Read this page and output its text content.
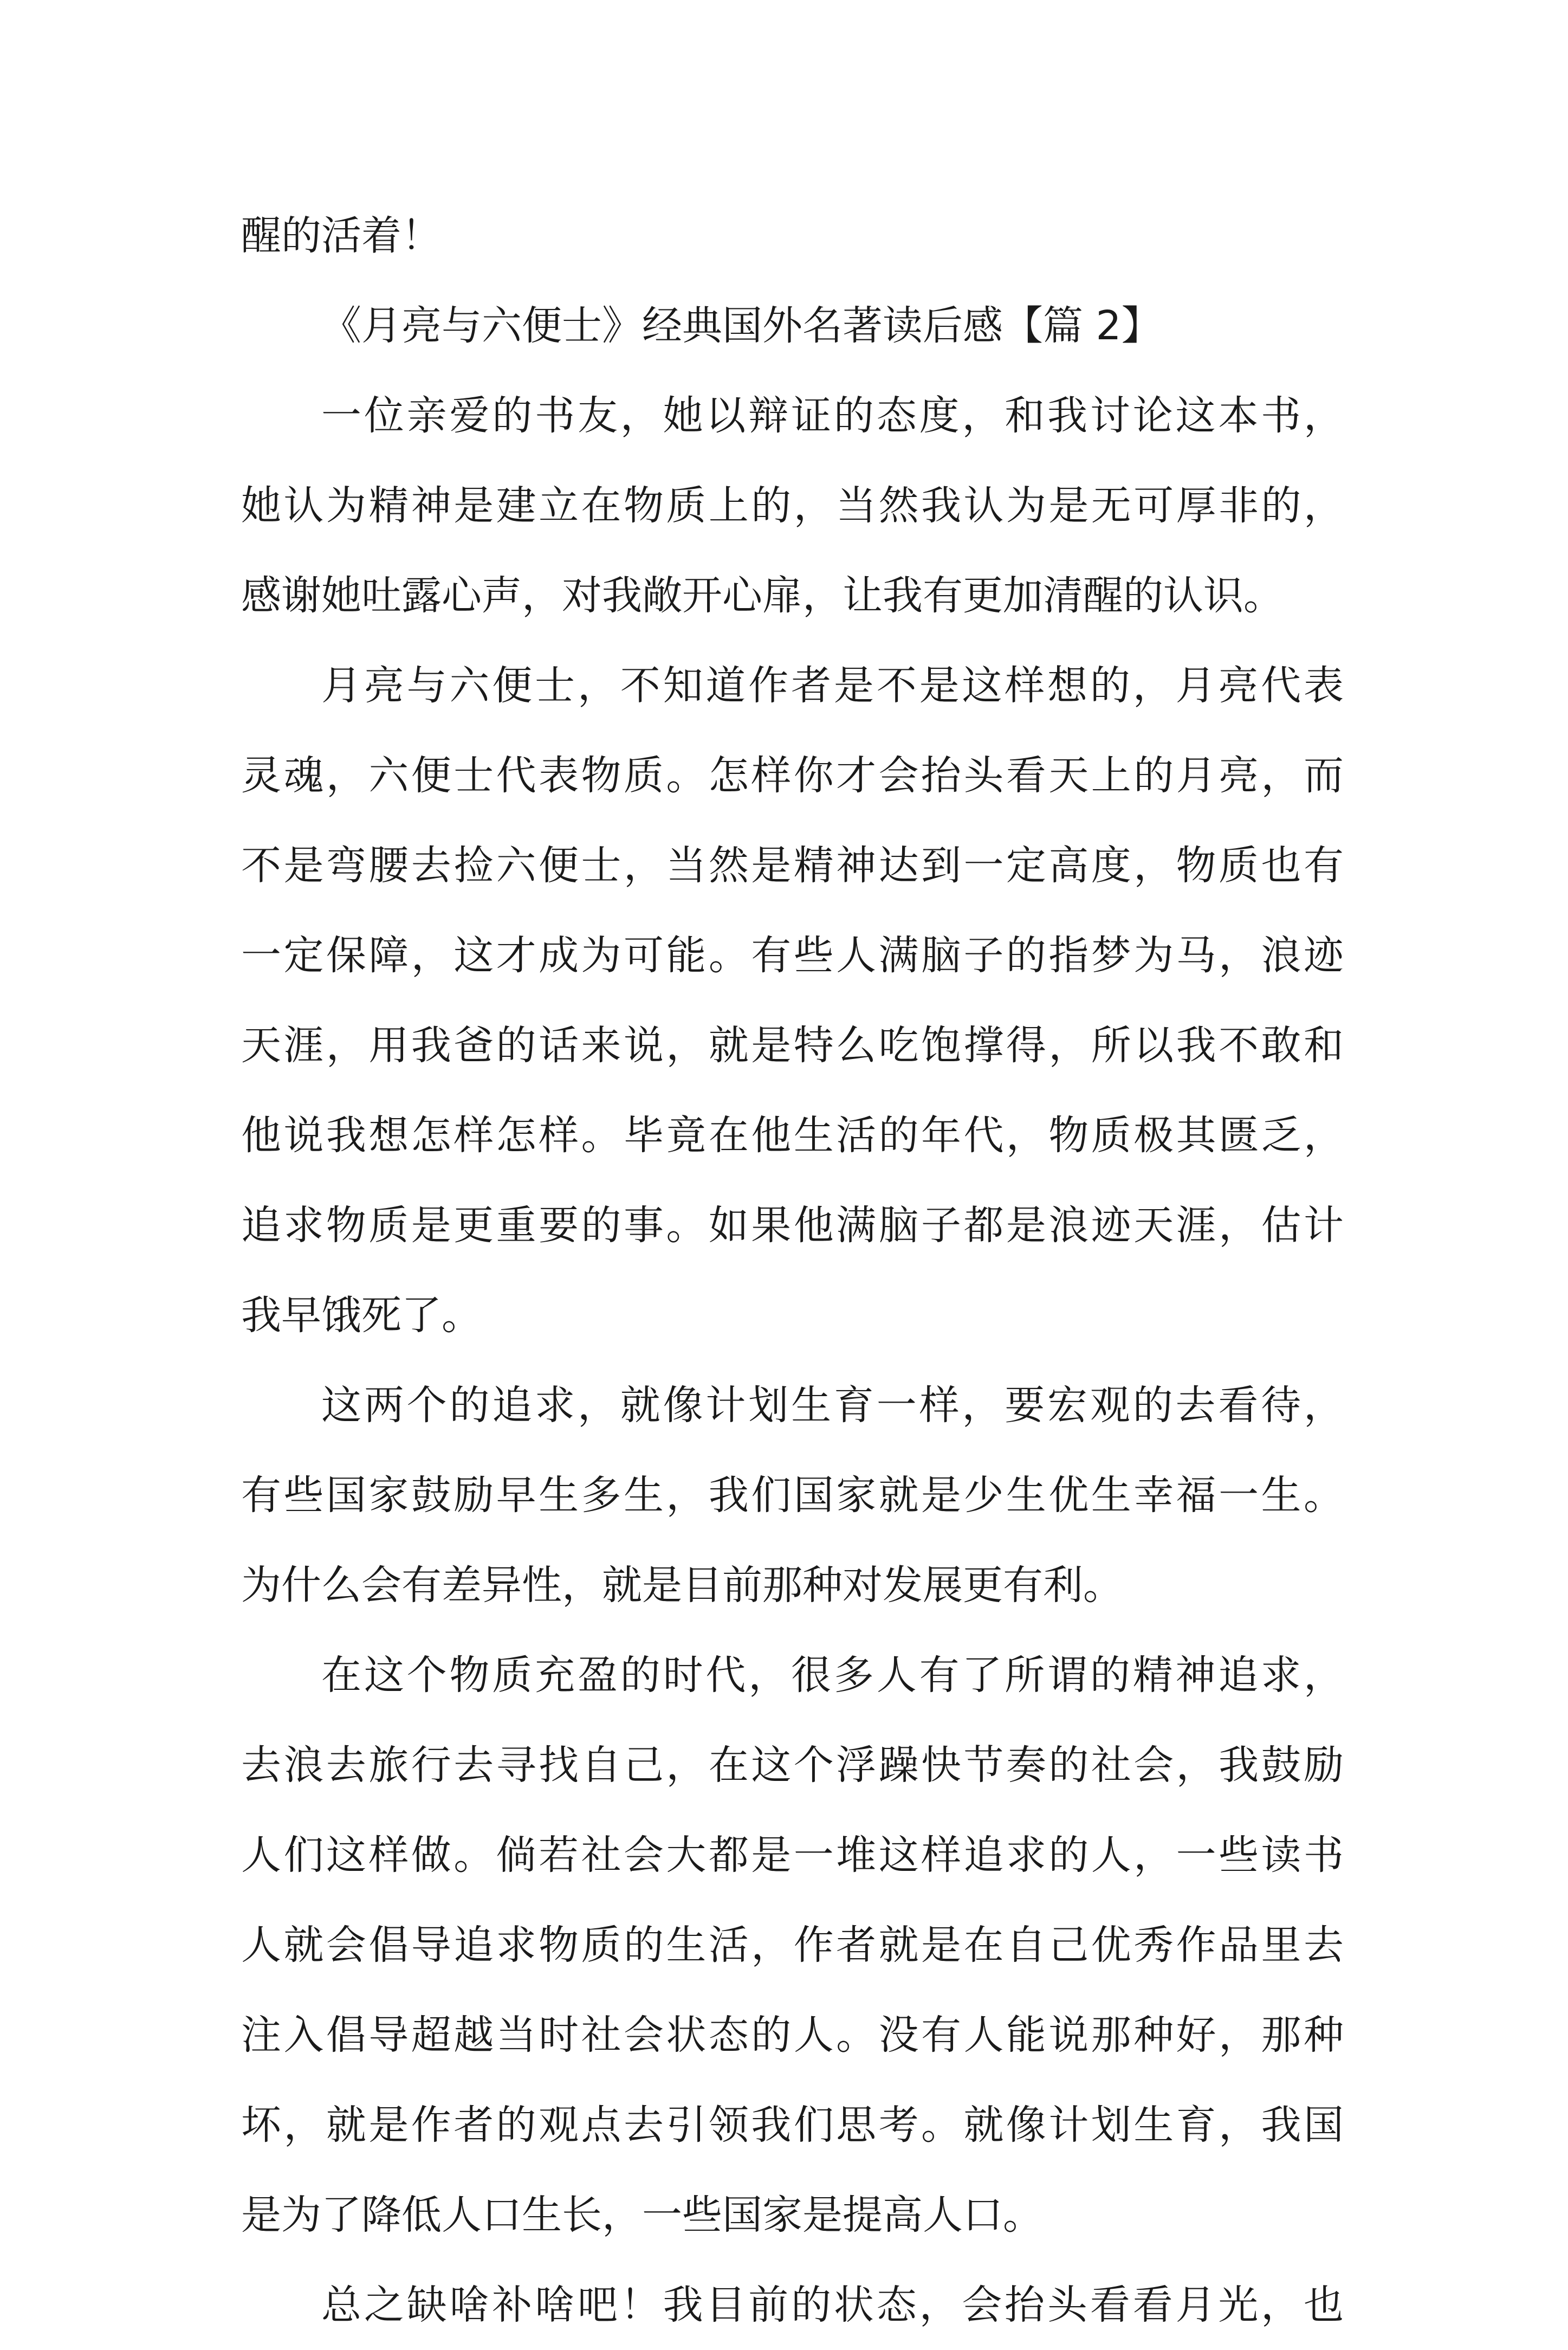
醒的活着！
《月亮与六便士》经典国外名著读后感【篇 2】
一位亲爱的书友，她以辩证的态度，和我讨论这本书，
她认为精神是建立在物质上的，当然我认为是无可厚非的，
感谢她吐露心声，对我敞开心扉，让我有更加清醒的认识。
月亮与六便士，不知道作者是不是这样想的，月亮代表
灵魂，六便士代表物质。怎样你才会抬头看天上的月亮，而
不是弯腰去捡六便士，当然是精神达到一定高度，物质也有
一定保障，这才成为可能。有些人满脑子的指梦为马，浪迹
天涯，用我爸的话来说，就是特么吃饱撑得，所以我不敢和
他说我想怎样怎样。毕竟在他生活的年代，物质极其匮乏，
追求物质是更重要的事。如果他满脑子都是浪迹天涯，估计
我早饿死了。
这两个的追求，就像计划生育一样，要宏观的去看待，
有些国家鼓励早生多生，我们国家就是少生优生幸福一生。
为什么会有差异性，就是目前那种对发展更有利。
在这个物质充盈的时代，很多人有了所谓的精神追求，
去浪去旅行去寻找自己，在这个浮躁快节奏的社会，我鼓励
人们这样做。倘若社会大都是一堆这样追求的人，一些读书
人就会倡导追求物质的生活，作者就是在自己优秀作品里去
注入倡导超越当时社会状态的人。没有人能说那种好，那种
坏，就是作者的观点去引领我们思考。就像计划生育，我国
是为了降低人口生长，一些国家是提高人口。
总之缺啥补啥吧！我目前的状态，会抬头看看月光，也
